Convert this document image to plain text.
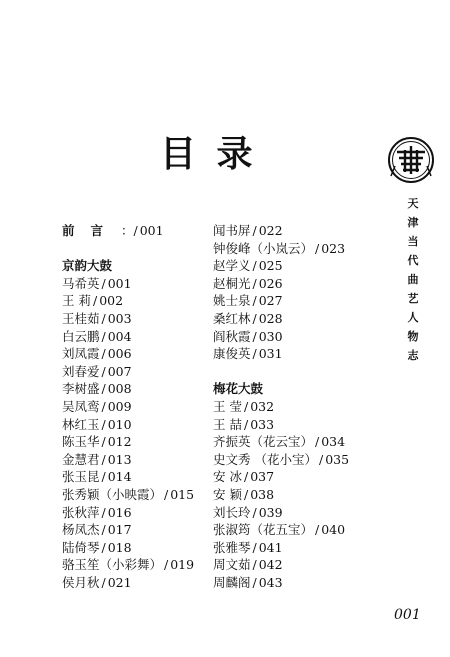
目 录
前言 ：/ 001
京韵大鼓
马希英 / 001
王 莉 / 002
王桂茹 / 003
白云鹏 / 004
刘凤霞 / 006
刘春爱 / 007
李树盛 / 008
吴凤鸾 / 009
林红玉 / 010
陈玉华 / 012
金慧君 / 013
张玉昆 / 014
张秀颖（小映霞） / 015
张秋萍 / 016
杨凤杰 / 017
陆倚琴 / 018
骆玉笙（小彩舞） / 019
侯月秋 / 021
闻书屏 / 022
钟俊峰（小岚云） / 023
赵学义 / 025
赵桐光 / 026
姚士泉 / 027
桑红林 / 028
阎秋霞 / 030
康俊英 / 031
梅花大鼓
王 莹 / 032
王 喆 / 033
齐振英（花云宝） / 034
史文秀 （花小宝） / 035
安 冰 / 037
安 颖 / 038
刘长玲 / 039
张淑筠（花五宝） / 040
张雅琴 / 041
周文茹 / 042
周麟阁 / 043
天
津
当
代
曲
艺
人
物
志
001
